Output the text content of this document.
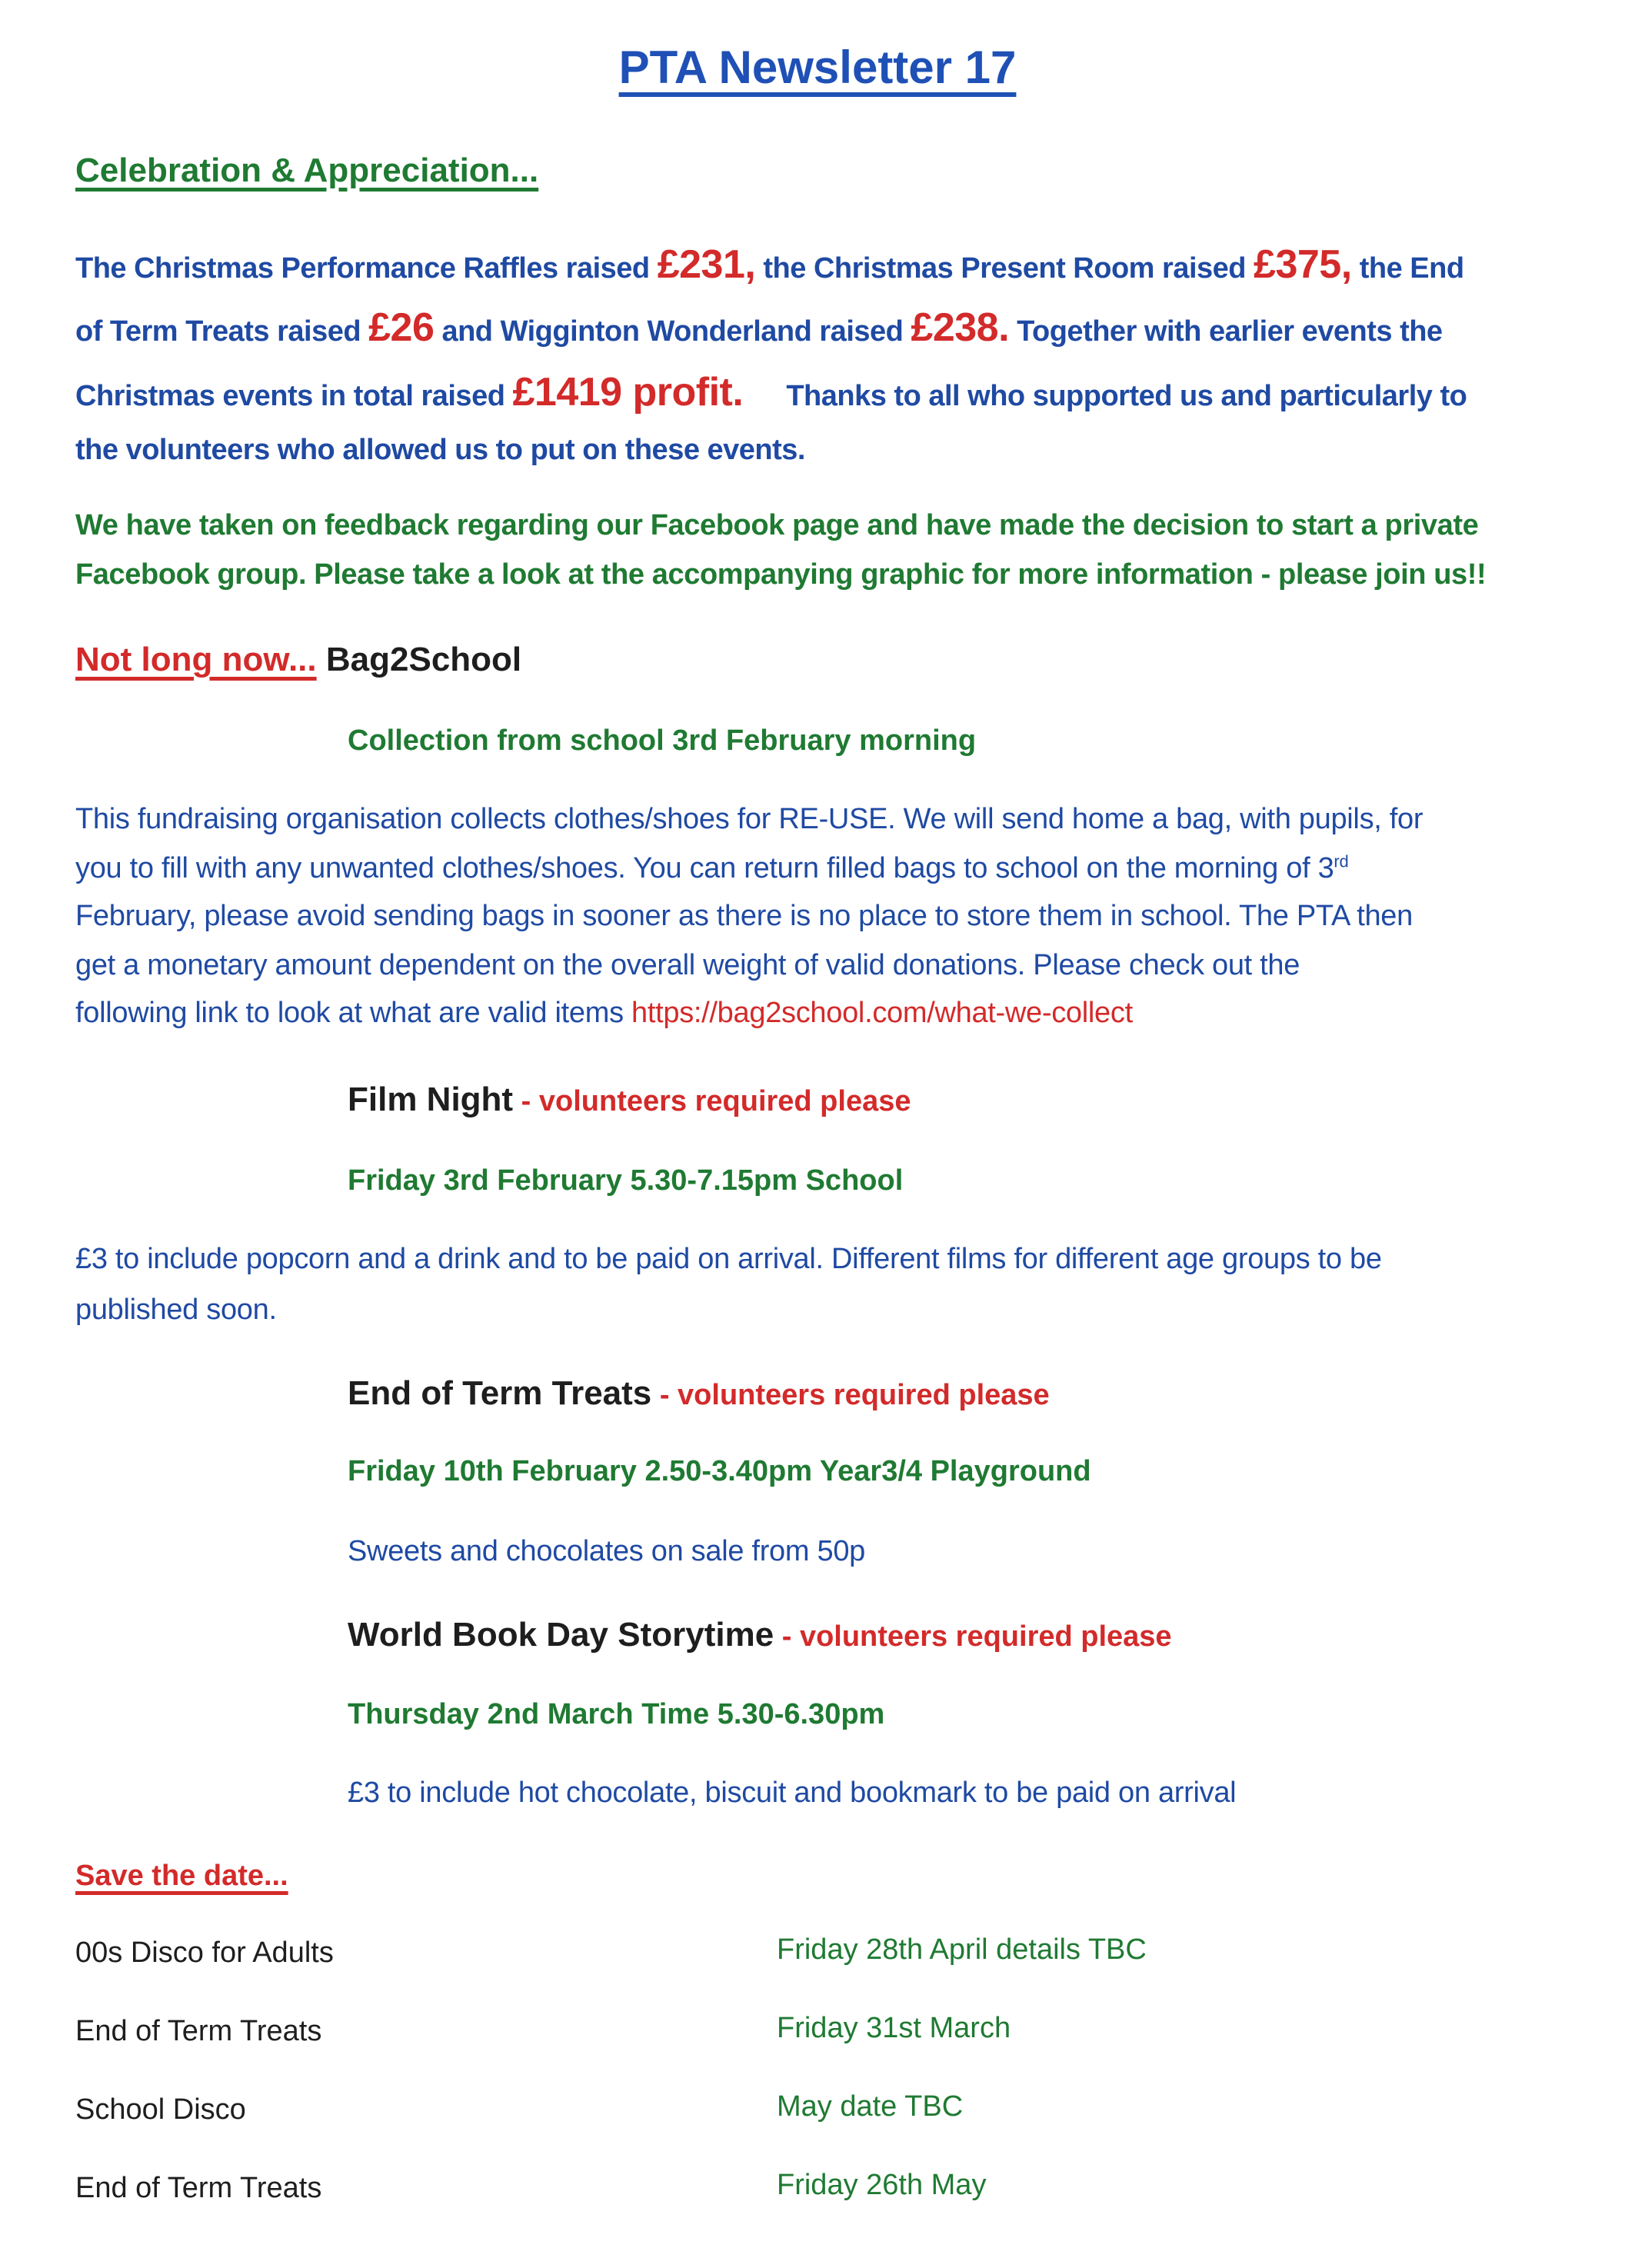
PTA Newsletter 17
Celebration & Appreciation...
The Christmas Performance Raffles raised £231, the Christmas Present Room raised £375, the End
of Term Treats raised £26 and Wigginton Wonderland raised £238. Together with earlier events the
Christmas events in total raised £1419 profit. Thanks to all who supported us and particularly to
the volunteers who allowed us to put on these events.
We have taken on feedback regarding our Facebook page and have made the decision to start a private
Facebook group. Please take a look at the accompanying graphic for more information - please join us!!
Not long now... Bag2School
Collection from school 3rd February morning
This fundraising organisation collects clothes/shoes for RE-USE. We will send home a bag, with pupils, for
you to fill with any unwanted clothes/shoes. You can return filled bags to school on the morning of 3rd
February, please avoid sending bags in sooner as there is no place to store them in school. The PTA then
get a monetary amount dependent on the overall weight of valid donations. Please check out the
following link to look at what are valid items https://bag2school.com/what-we-collect
Film Night - volunteers required please
Friday 3rd February 5.30-7.15pm School
£3 to include popcorn and a drink and to be paid on arrival. Different films for different age groups to be
published soon.
End of Term Treats - volunteers required please
Friday 10th February 2.50-3.40pm Year3/4 Playground
Sweets and chocolates on sale from 50p
World Book Day Storytime - volunteers required please
Thursday 2nd March Time 5.30-6.30pm
£3 to include hot chocolate, biscuit and bookmark to be paid on arrival
Save the date...
00s Disco for Adults	Friday 28th April details TBC
End of Term Treats	Friday 31st March
School Disco	May date TBC
End of Term Treats	Friday 26th May
